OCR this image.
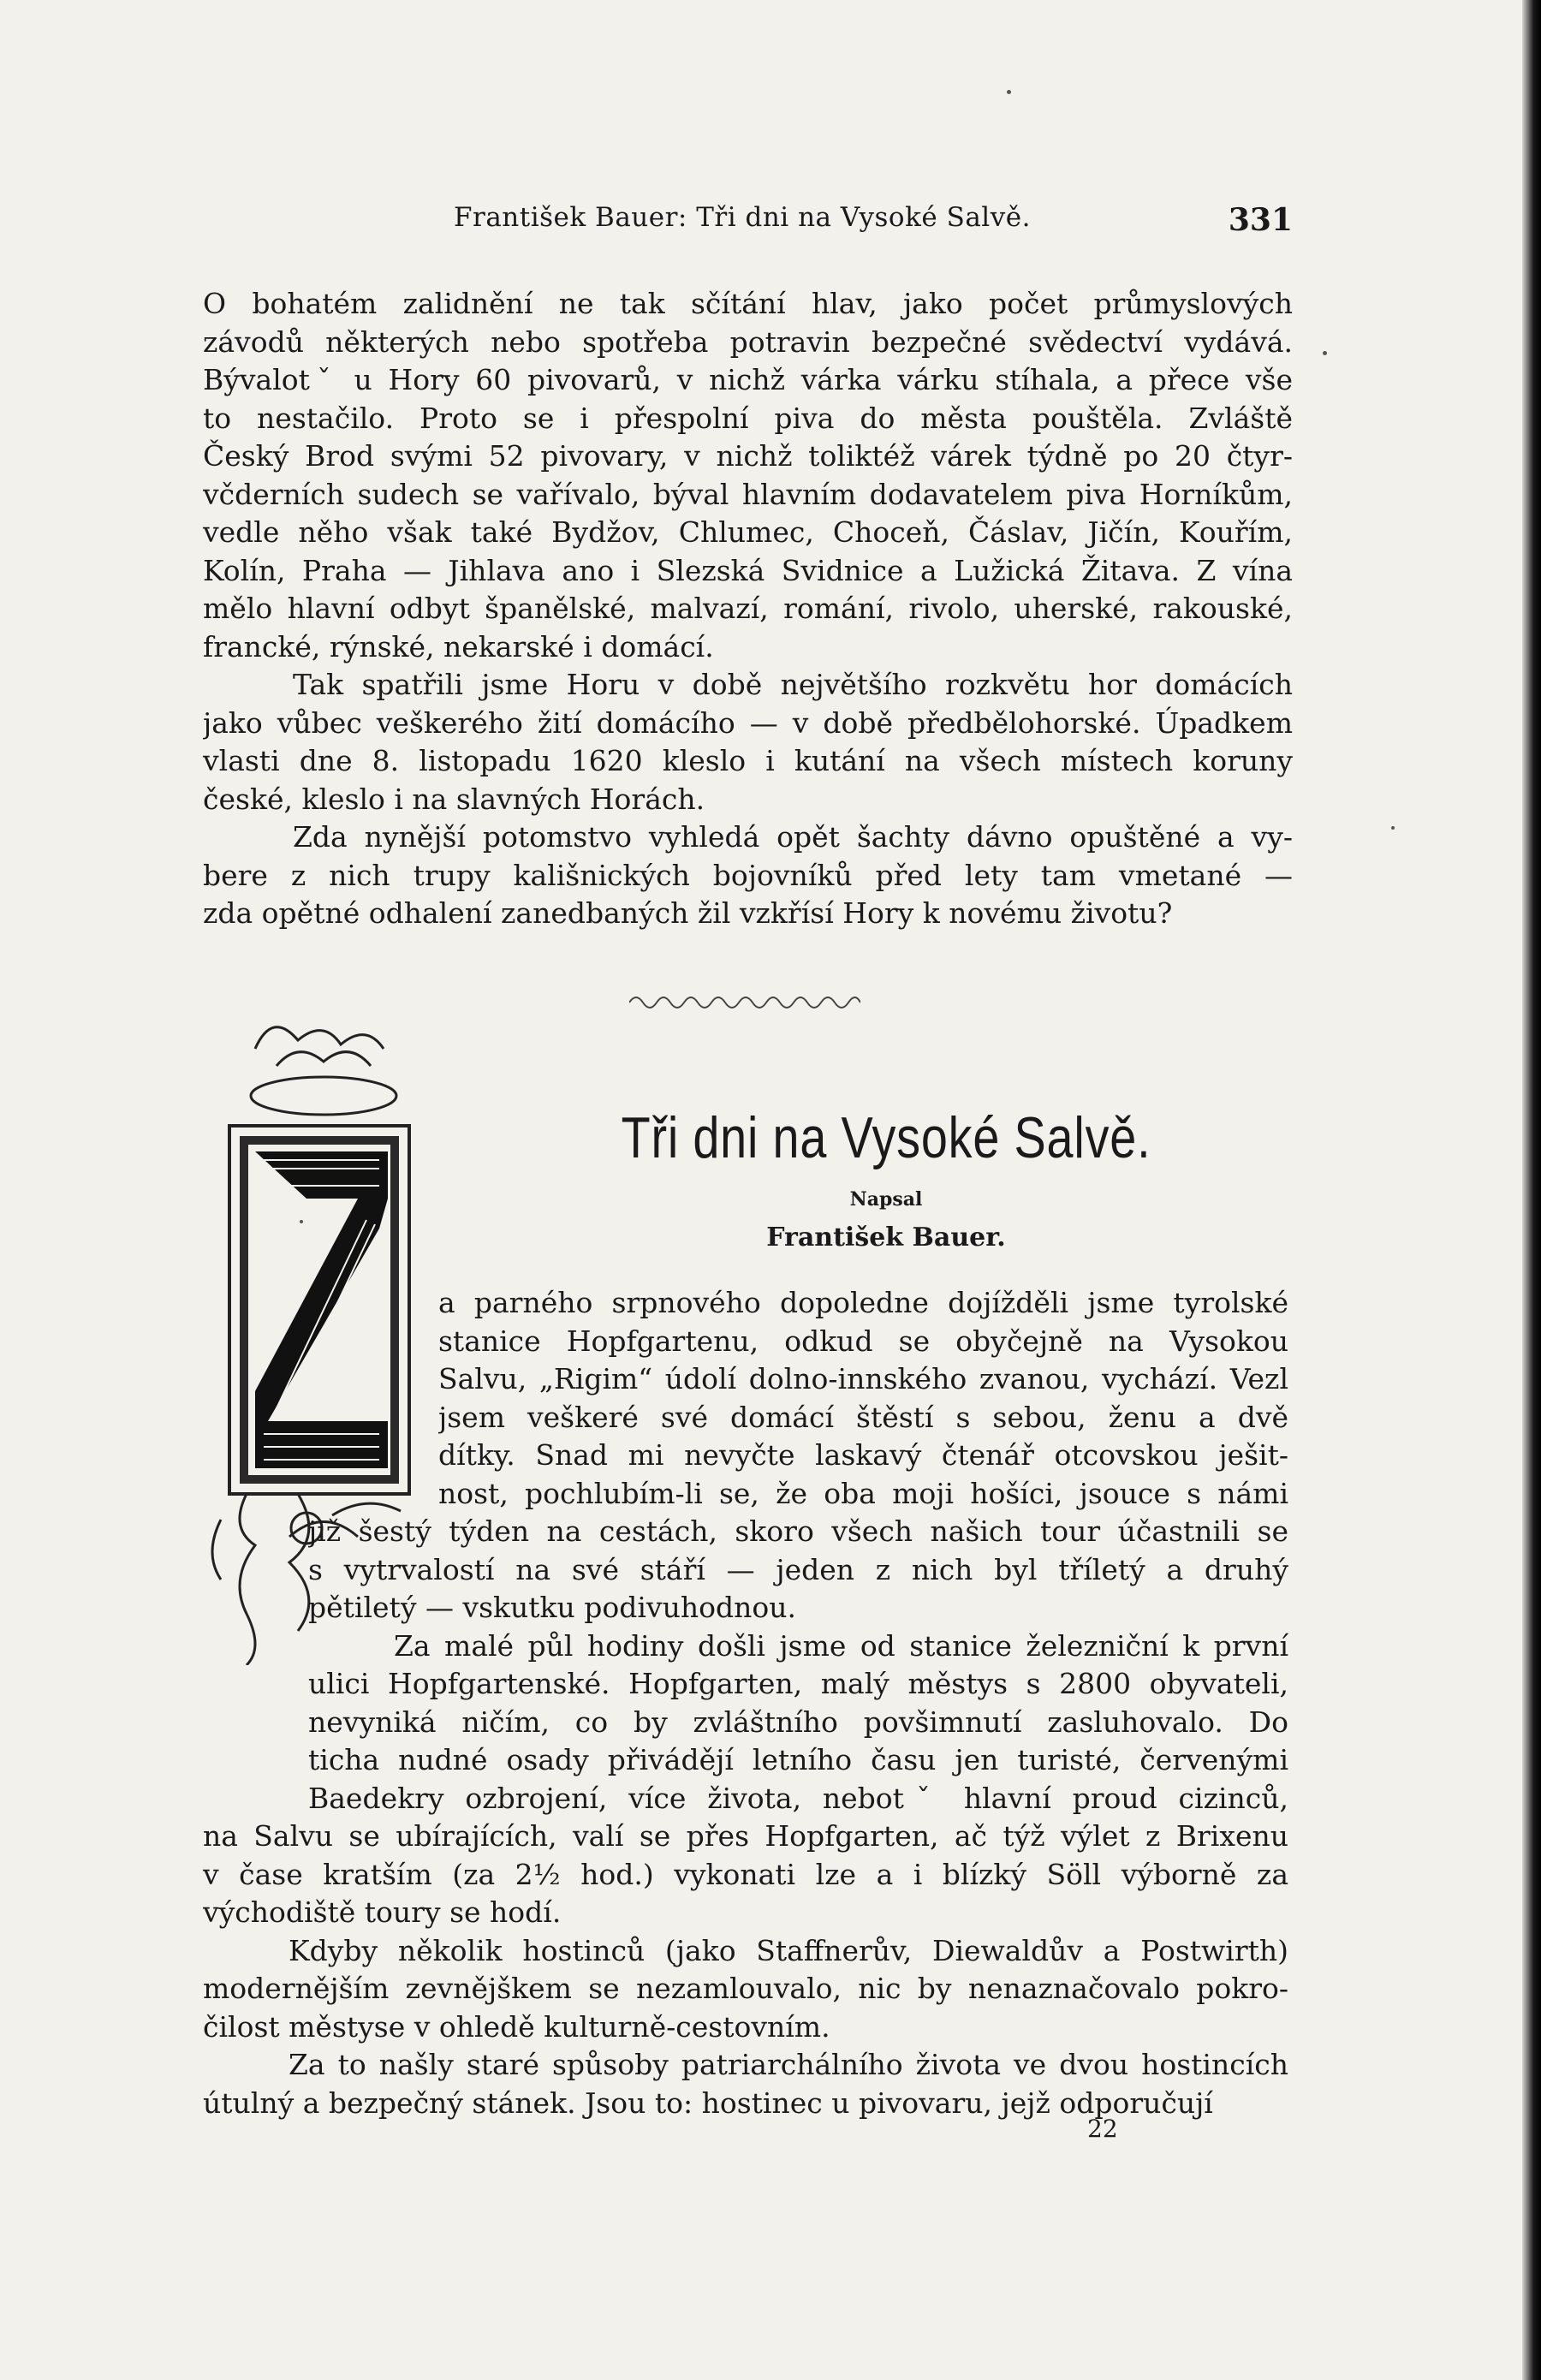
František Bauer: Tři dni na Vysoké Salvě.	331
O bohatém zalidnění ne tak sčítání hlav, jako počet průmyslových
závodů některých nebo spotřeba potravin bezpečné svědectví vydává.
Bývalotˇ u Hory 60 pivovarů, v nichž várka várku stíhala, a přece vše
to nestačilo. Proto se i přespolní piva do města pouštěla. Zvláště
Český Brod svými 52 pivovary, v nichž toliktéž várek týdně po 20 čtyr-
včderních sudech se vařívalo, býval hlavním dodavatelem piva Horníkům,
vedle něho však také Bydžov, Chlumec, Choceň, Čáslav, Jičín, Kouřím,
Kolín, Praha — Jihlava ano i Slezská Svidnice a Lužická Žitava. Z vína
mělo hlavní odbyt španělské, malvazí, romání, rivolo, uherské, rakouské,
francké, rýnské, nekarské i domácí.
Tak spatřili jsme Horu v době největšího rozkvětu hor domácích
jako vůbec veškerého žití domácího — v době předbělohorské. Úpadkem
vlasti dne 8. listopadu 1620 kleslo i kutání na všech místech koruny
české, kleslo i na slavných Horách.
Zda nynější potomstvo vyhledá opět šachty dávno opuštěné a vy-
bere z nich trupy kališnických bojovníků před lety tam vmetané —
zda opětné odhalení zanedbaných žil vzkřísí Hory k novému životu?
Tři dni na Vysoké Salvě.
Napsal
František Bauer.
a parného srpnového dopoledne dojížděli jsme tyrolské
stanice Hopfgartenu, odkud se obyčejně na Vysokou
Salvu, „Rigim“ údolí dolno-innského zvanou, vychází. Vezl
jsem veškeré své domácí štěstí s sebou, ženu a dvě
dítky. Snad mi nevyčte laskavý čtenář otcovskou ješit-
nost, pochlubím-li se, že oba moji hošíci, jsouce s námi
již šestý týden na cestách, skoro všech našich tour účastnili se
s vytrvalostí na své stáří — jeden z nich byl tříletý a druhý
pětiletý — vskutku podivuhodnou.
Za malé půl hodiny došli jsme od stanice železniční k první
ulici Hopfgartenské. Hopfgarten, malý městys s 2800 obyvateli,
nevyniká ničím, co by zvláštního povšimnutí zasluhovalo. Do
ticha nudné osady přivádějí letního času jen turisté, červenými
Baedekry ozbrojení, více života, nebotˇ hlavní proud cizinců,
na Salvu se ubírajících, valí se přes Hopfgarten, ač týž výlet z Brixenu
v čase kratším (za 2½ hod.) vykonati lze a i blízký Söll výborně za
východiště toury se hodí.
Kdyby několik hostinců (jako Staffnerův, Diewaldův a Postwirth)
modernějším zevnějškem se nezamlouvalo, nic by nenaznačovalo pokro-
čilost městyse v ohledě kulturně-cestovním.
Za to našly staré spůsoby patriarchálního života ve dvou hostincích
útulný a bezpečný stánek. Jsou to: hostinec u pivovaru, jejž odporučují
22
